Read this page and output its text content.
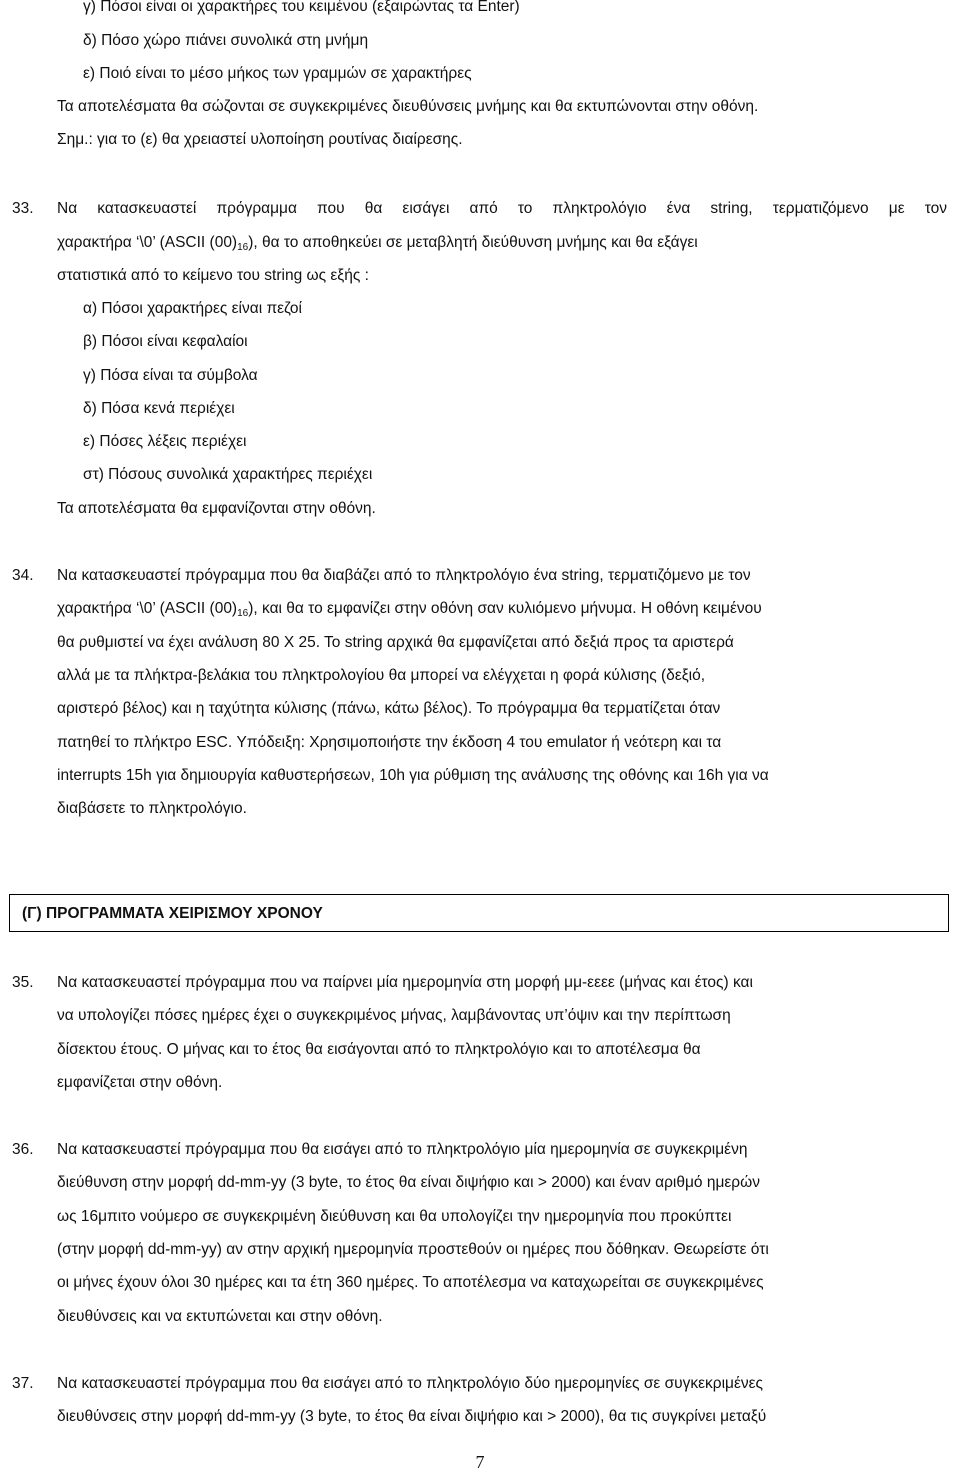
γ) Πόσοι είναι οι χαρακτήρες του κειμένου (εξαιρώντας τα Enter)
δ) Πόσο χώρο πιάνει συνολικά στη μνήμη
ε) Ποιό είναι το μέσο μήκος των γραμμών σε χαρακτήρες
Τα αποτελέσματα θα σώζονται σε συγκεκριμένες διευθύνσεις μνήμης και θα εκτυπώνονται στην οθόνη.
Σημ.: για το (ε) θα χρειαστεί υλοποίηση ρουτίνας διαίρεσης.
33. Να κατασκευαστεί πρόγραμμα που θα εισάγει από το πληκτρολόγιο ένα string, τερματιζόμενο με τον
χαρακτήρα ‘\0’ (ASCII $(00)_{16}$), θα το αποθηκεύει σε μεταβλητή διεύθυνση μνήμης και θα εξάγει
στατιστικά από το κείμενο του string ως εξής :
α) Πόσοι χαρακτήρες είναι πεζοί
β) Πόσοι είναι κεφαλαίοι
γ) Πόσα είναι τα σύμβολα
δ) Πόσα κενά περιέχει
ε) Πόσες λέξεις περιέχει
στ) Πόσους συνολικά χαρακτήρες περιέχει
Τα αποτελέσματα θα εμφανίζονται στην οθόνη.
34. Να κατασκευαστεί πρόγραμμα που θα διαβάζει από το πληκτρολόγιο ένα string, τερματιζόμενο με τον
χαρακτήρα ‘\0’ (ASCII $(00)_{16}$), και θα το εμφανίζει στην οθόνη σαν κυλιόμενο μήνυμα. Η οθόνη κειμένου
θα ρυθμιστεί να έχει ανάλυση 80 Χ 25. Το string αρχικά θα εμφανίζεται από δεξιά προς τα αριστερά
αλλά με τα πλήκτρα-βελάκια του πληκτρολογίου θα μπορεί να ελέγχεται η φορά κύλισης (δεξιό,
αριστερό βέλος) και η ταχύτητα κύλισης (πάνω, κάτω βέλος). Το πρόγραμμα θα τερματίζεται όταν
πατηθεί το πλήκτρο ESC. Υπόδειξη: Χρησιμοποιήστε την έκδοση 4 του emulator ή νεότερη και τα
interrupts 15h για δημιουργία καθυστερήσεων, 10h για ρύθμιση της ανάλυσης της οθόνης και 16h για να
διαβάσετε το πληκτρολόγιο.
(Γ) ΠΡΟΓΡΑΜΜΑΤΑ ΧΕΙΡΙΣΜΟΥ ΧΡΟΝΟΥ
35. Να κατασκευαστεί πρόγραμμα που να παίρνει μία ημερομηνία στη μορφή μμ-εεεε (μήνας και έτος) και
να υπολογίζει πόσες ημέρες έχει ο συγκεκριμένος μήνας, λαμβάνοντας υπ’όψιν και την περίπτωση
δίσεκτου έτους. Ο μήνας και το έτος θα εισάγονται από το πληκτρολόγιο και το αποτέλεσμα θα
εμφανίζεται στην οθόνη.
36. Να κατασκευαστεί πρόγραμμα που θα εισάγει από το πληκτρολόγιο μία ημερομηνία σε συγκεκριμένη
διεύθυνση στην μορφή dd-mm-yy (3 byte, το έτος θα είναι διψήφιο και > 2000) και έναν αριθμό ημερών
ως 16μπιτο νούμερο σε συγκεκριμένη διεύθυνση και θα υπολογίζει την ημερομηνία που προκύπτει
(στην μορφή dd-mm-yy) αν στην αρχική ημερομηνία προστεθούν οι ημέρες που δόθηκαν. Θεωρείστε ότι
οι μήνες έχουν όλοι 30 ημέρες και τα έτη 360 ημέρες. Το αποτέλεσμα να καταχωρείται σε συγκεκριμένες
διευθύνσεις και να εκτυπώνεται και στην οθόνη.
37. Να κατασκευαστεί πρόγραμμα που θα εισάγει από το πληκτρολόγιο δύο ημερομηνίες σε συγκεκριμένες
διευθύνσεις στην μορφή dd-mm-yy (3 byte, το έτος θα είναι διψήφιο και > 2000), θα τις συγκρίνει μεταξύ
7
